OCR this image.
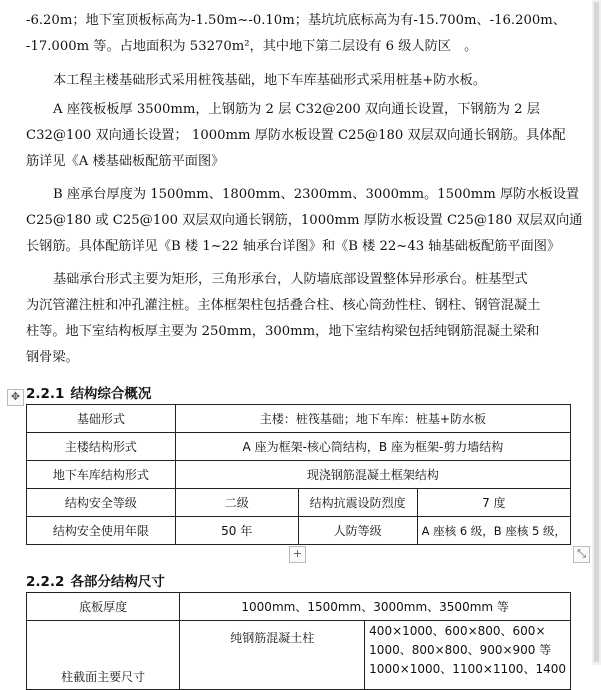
-6.20m；地下室顶板标高为-1.50m~-0.10m；基坑坑底标高为有-15.700m、-16.200m、
-17.000m 等。占地面积为 53270m²，其中地下第二层设有 6 级人防区　。
本工程主楼基础形式采用桩筏基础，地下车库基础形式采用桩基+防水板。
A 座筏板板厚 3500mm，上钢筋为 2 层 C32@200 双向通长设置，下钢筋为 2 层
C32@100 双向通长设置； 1000mm 厚防水板设置 C25@180 双层双向通长钢筋。具体配
筋详见《A 楼基础板配筋平面图》
B 座承台厚度为 1500mm、1800mm、2300mm、3000mm。1500mm 厚防水板设置
C25@180 或 C25@100 双层双向通长钢筋，1000mm 厚防水板设置 C25@180 双层双向通
长钢筋。具体配筋详见《B 楼 1~22 轴承台详图》和《B 楼 22~43 轴基础板配筋平面图》
基础承台形式主要为矩形，三角形承台，人防墙底部设置整体异形承台。桩基型式
为沉管灌注桩和冲孔灌注桩。主体框架柱包括叠合柱、核心筒劲性柱、钢柱、钢管混凝土
柱等。地下室结构板厚主要为 250mm，300mm，地下室结构梁包括纯钢筋混凝土梁和
钢骨梁。
✥ 2.2.1 结构综合概况
基础形式	主楼：桩筏基础；地下车库：桩基+防水板		
主楼结构形式	A 座为框架-核心筒结构，B 座为框架-剪力墙结构		
地下车库结构形式	现浇钢筋混凝土框架结构		
结构安全等级	二级	结构抗震设防烈度	7 度
结构安全使用年限	50 年	人防等级	A 座核 6 级，B 座核 5 级，
+	⤡
2.2.2 各部分结构尺寸
底板厚度	1000mm、1500mm、3000mm、3500mm 等	
柱截面主要尺寸	纯钢筋混凝土柱	400×1000、600×800、600×
1000、800×800、900×900 等
1000×1000、1100×1100、1400
